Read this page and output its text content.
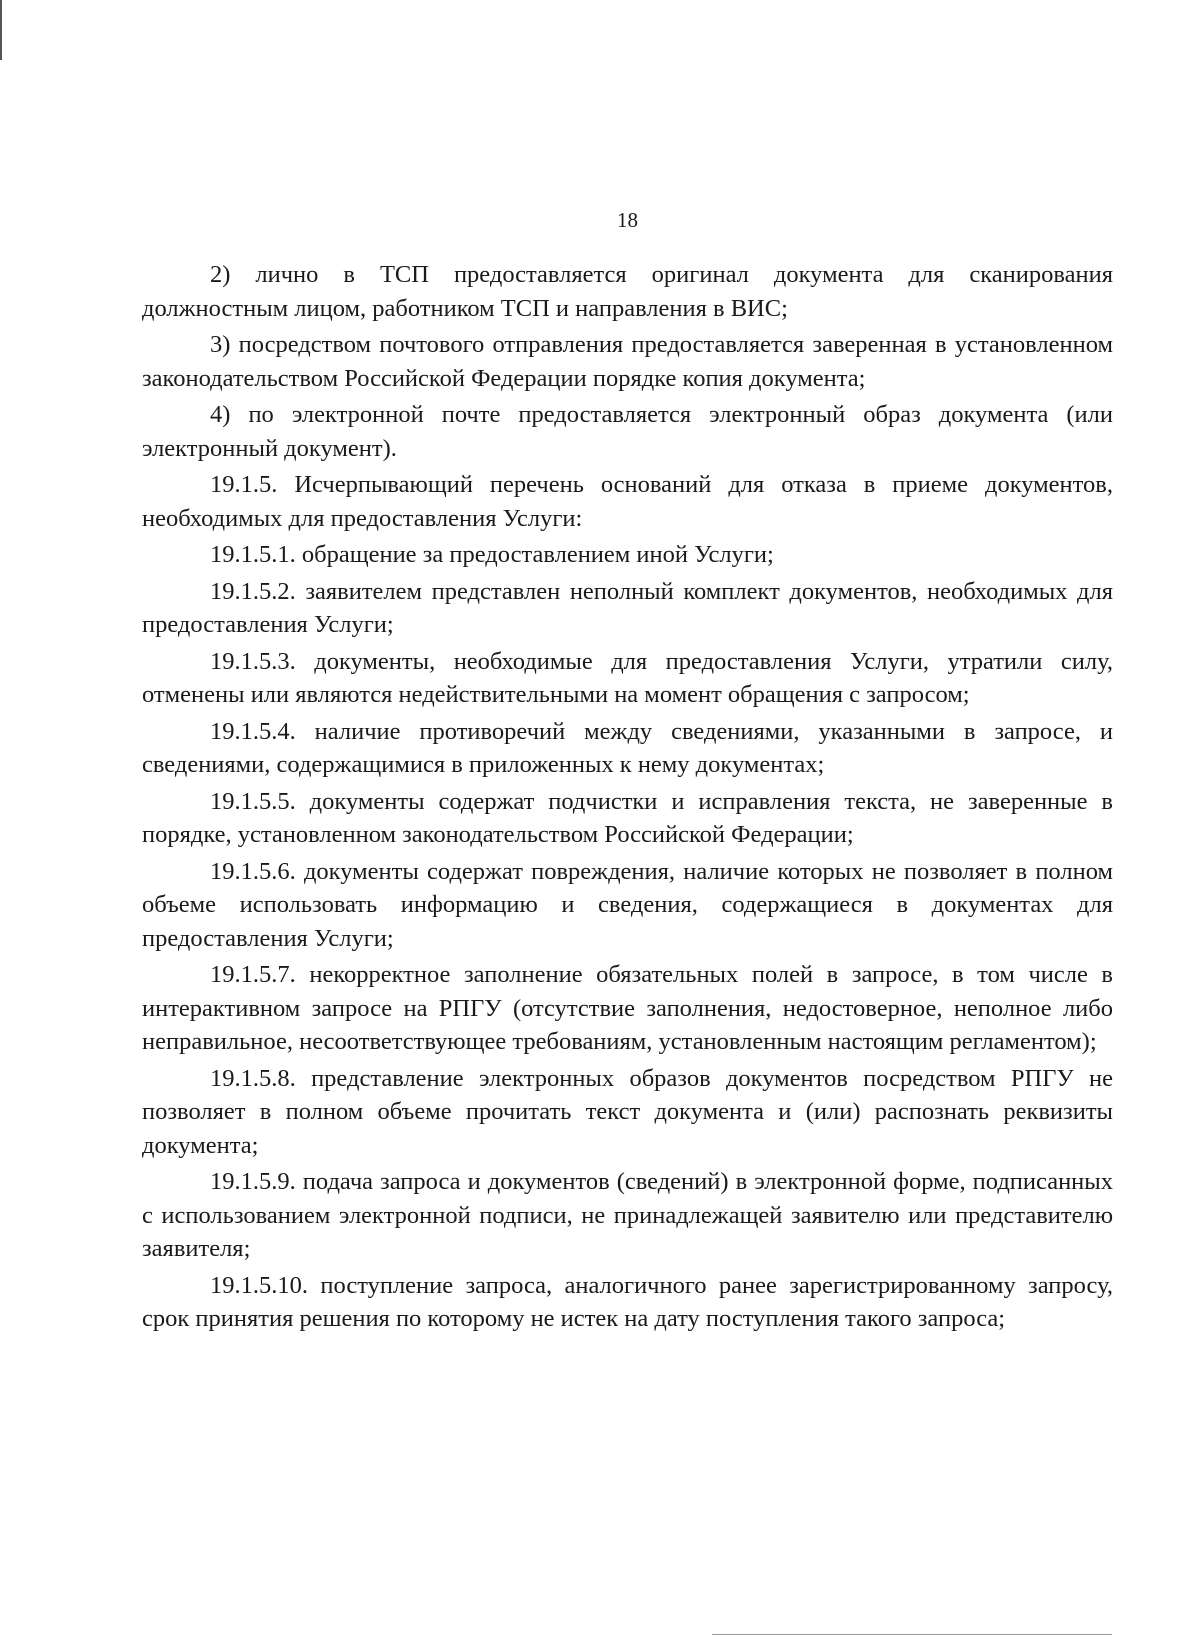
18

2) лично в ТСП предоставляется оригинал документа для сканирования должностным лицом, работником ТСП и направления в ВИС;

3) посредством почтового отправления предоставляется заверенная в установленном законодательством Российской Федерации порядке копия документа;

4) по электронной почте предоставляется электронный образ документа (или электронный документ).

19.1.5. Исчерпывающий перечень оснований для отказа в приеме документов, необходимых для предоставления Услуги:

19.1.5.1. обращение за предоставлением иной Услуги;

19.1.5.2. заявителем представлен неполный комплект документов, необходимых для предоставления Услуги;

19.1.5.3. документы, необходимые для предоставления Услуги, утратили силу, отменены или являются недействительными на момент обращения с запросом;

19.1.5.4. наличие противоречий между сведениями, указанными в запросе, и сведениями, содержащимися в приложенных к нему документах;

19.1.5.5. документы содержат подчистки и исправления текста, не заверенные в порядке, установленном законодательством Российской Федерации;

19.1.5.6. документы содержат повреждения, наличие которых не позволяет в полном объеме использовать информацию и сведения, содержащиеся в документах для предоставления Услуги;

19.1.5.7. некорректное заполнение обязательных полей в запросе, в том числе в интерактивном запросе на РПГУ (отсутствие заполнения, недостоверное, неполное либо неправильное, несоответствующее требованиям, установленным настоящим регламентом);

19.1.5.8. представление электронных образов документов посредством РПГУ не позволяет в полном объеме прочитать текст документа и (или) распознать реквизиты документа;

19.1.5.9. подача запроса и документов (сведений) в электронной форме, подписанных с использованием электронной подписи, не принадлежащей заявителю или представителю заявителя;

19.1.5.10. поступление запроса, аналогичного ранее зарегистрированному запросу, срок принятия решения по которому не истек на дату поступления такого запроса;
